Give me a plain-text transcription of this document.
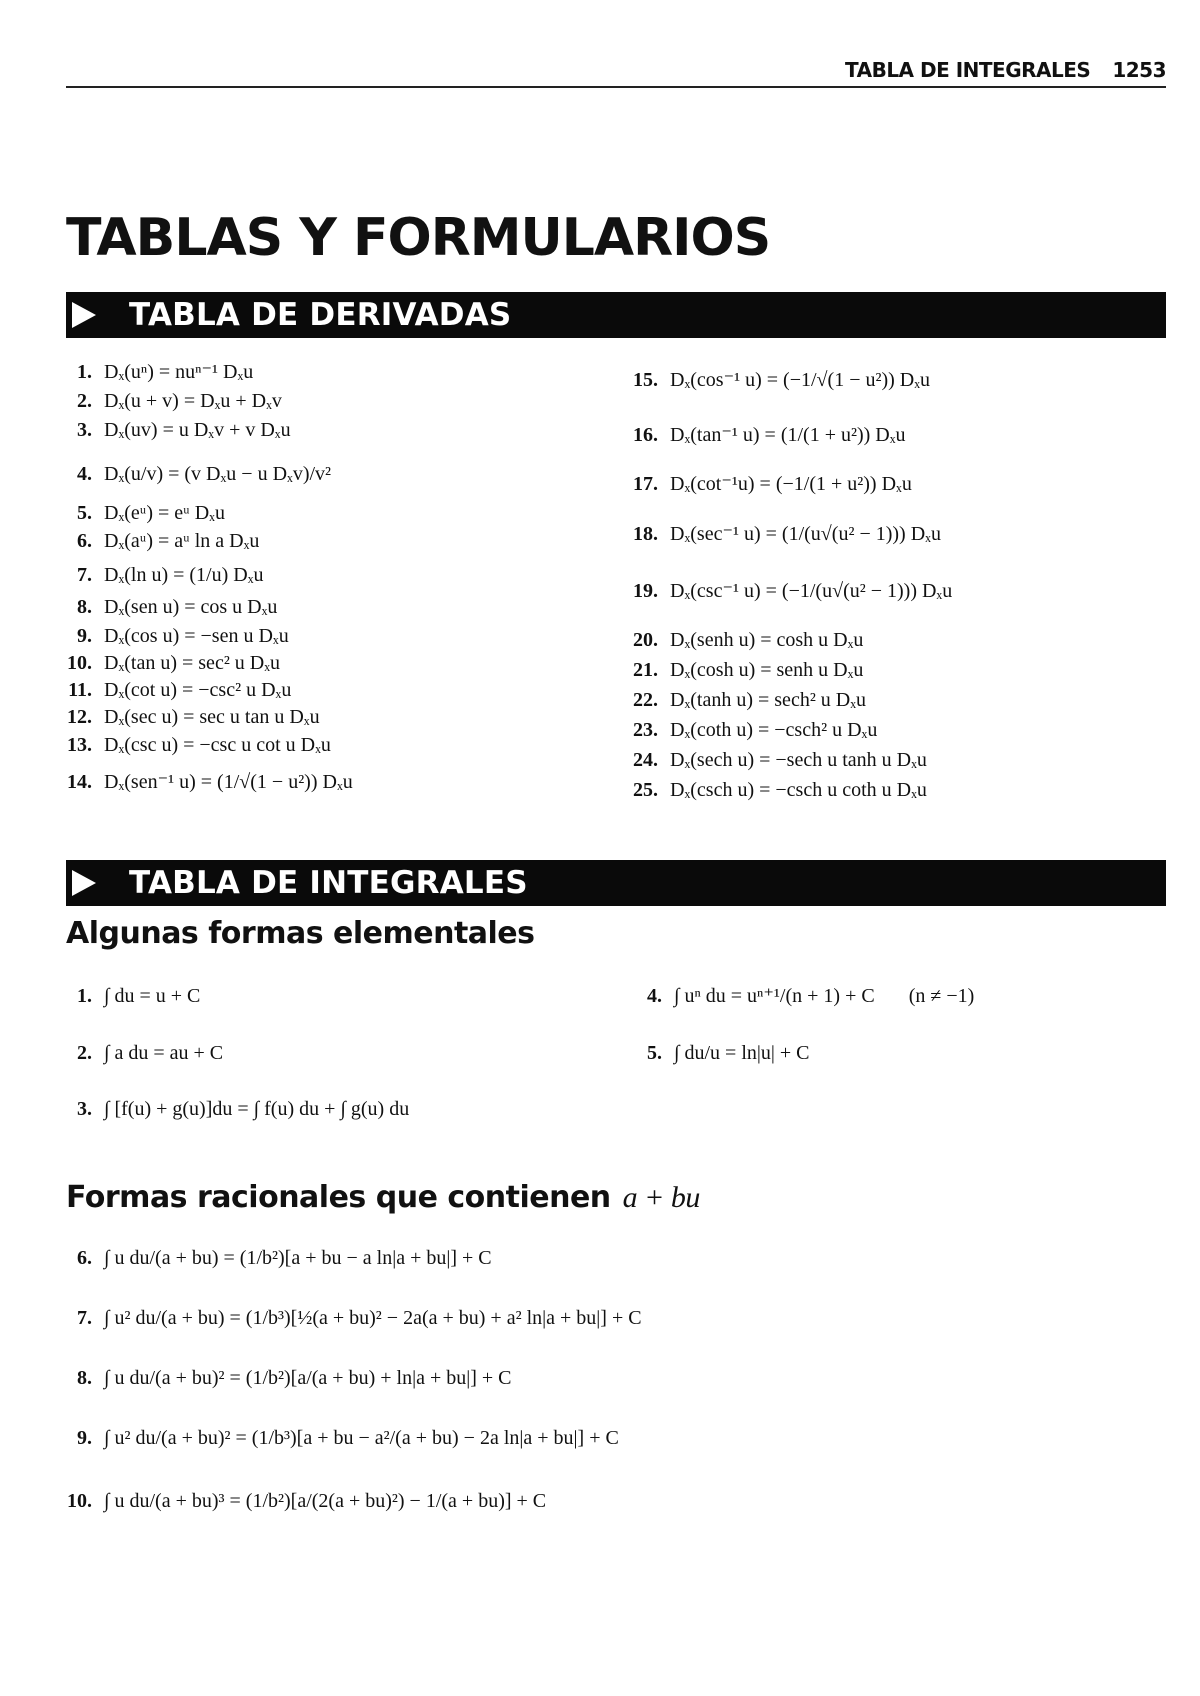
TABLA DE INTEGRALES 1253
TABLAS Y FORMULARIOS
TABLA DE DERIVADAS
1. Dₓ(uⁿ) = nuⁿ⁻¹ Dₓu
2. Dₓ(u + v) = Dₓu + Dₓv
3. Dₓ(uv) = u Dₓv + v Dₓu
4. Dₓ(u/v) = (v Dₓu − u Dₓv)/v²
5. Dₓ(eᵘ) = eᵘ Dₓu
6. Dₓ(aᵘ) = aᵘ ln a Dₓu
7. Dₓ(ln u) = (1/u) Dₓu
8. Dₓ(sen u) = cos u Dₓu
9. Dₓ(cos u) = −sen u Dₓu
10. Dₓ(tan u) = sec² u Dₓu
11. Dₓ(cot u) = −csc² u Dₓu
12. Dₓ(sec u) = sec u tan u Dₓu
13. Dₓ(csc u) = −csc u cot u Dₓu
14. Dₓ(sen⁻¹ u) = (1/√(1 − u²)) Dₓu
15. Dₓ(cos⁻¹ u) = (−1/√(1 − u²)) Dₓu
16. Dₓ(tan⁻¹ u) = (1/(1 + u²)) Dₓu
17. Dₓ(cot⁻¹u) = (−1/(1 + u²)) Dₓu
18. Dₓ(sec⁻¹ u) = (1/(u√(u² − 1))) Dₓu
19. Dₓ(csc⁻¹ u) = (−1/(u√(u² − 1))) Dₓu
20. Dₓ(senh u) = cosh u Dₓu
21. Dₓ(cosh u) = senh u Dₓu
22. Dₓ(tanh u) = sech² u Dₓu
23. Dₓ(coth u) = −csch² u Dₓu
24. Dₓ(sech u) = −sech u tanh u Dₓu
25. Dₓ(csch u) = −csch u coth u Dₓu
TABLA DE INTEGRALES
Algunas formas elementales
1. ∫ du = u + C
2. ∫ a du = au + C
3. ∫ [f(u) + g(u)]du = ∫ f(u) du + ∫ g(u) du
4. ∫ uⁿ du = uⁿ⁺¹/(n + 1) + C (n ≠ −1)
5. ∫ du/u = ln|u| + C
Formas racionales que contienen a + bu
6. ∫ u du/(a + bu) = (1/b²)[a + bu − a ln|a + bu|] + C
7. ∫ u² du/(a + bu) = (1/b³)[½(a + bu)² − 2a(a + bu) + a² ln|a + bu|] + C
8. ∫ u du/(a + bu)² = (1/b²)[a/(a + bu) + ln|a + bu|] + C
9. ∫ u² du/(a + bu)² = (1/b³)[a + bu − a²/(a + bu) − 2a ln|a + bu|] + C
10. ∫ u du/(a + bu)³ = (1/b²)[a/(2(a + bu)²) − 1/(a + bu)] + C
